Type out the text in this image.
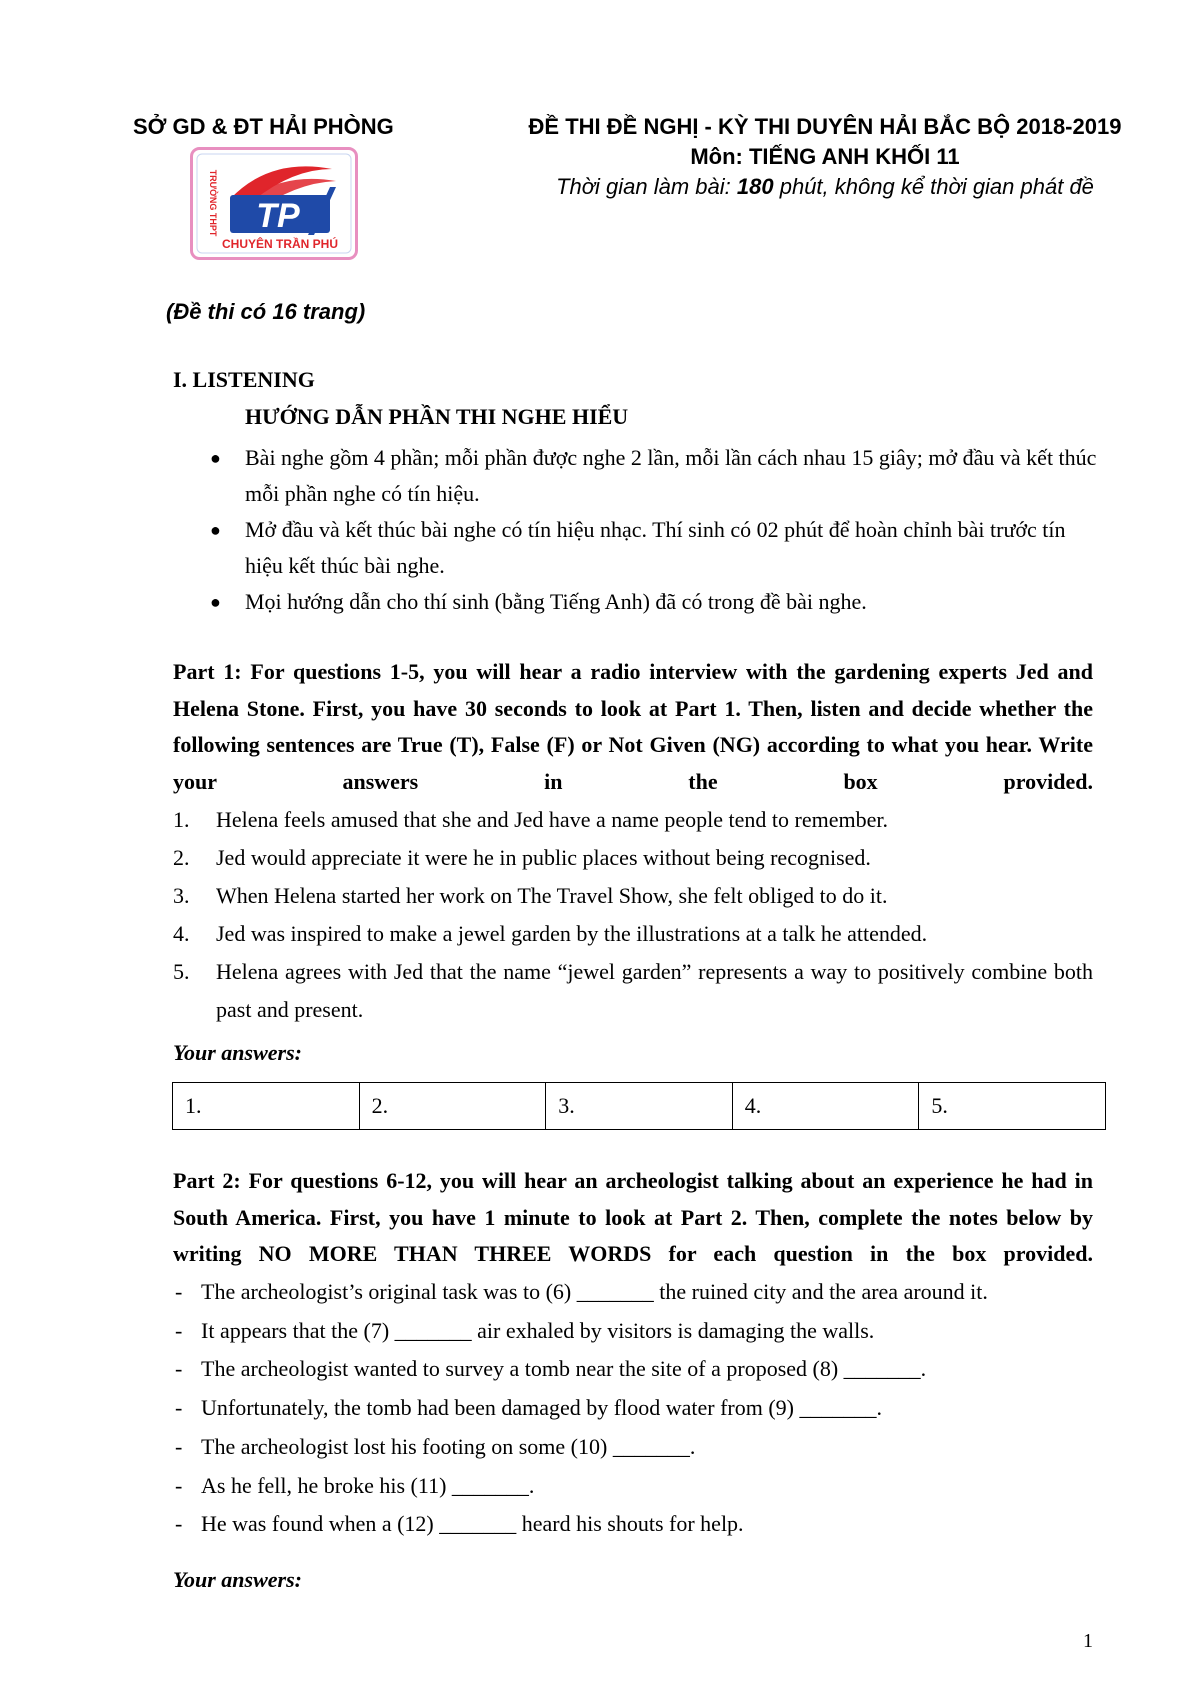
SỞ GD & ĐT HẢI PHÒNG	ĐỀ THI ĐỀ NGHỊ - KỲ THI DUYÊN HẢI BẮC BỘ 2018-2019
Môn: TIẾNG ANH KHỐI 11
Thời gian làm bài: 180 phút, không kể thời gian phát đề
TRƯỜNG THPT TP
CHUYÊN TRẦN PHÚ
(Đề thi có 16 trang)
I. LISTENING
HƯỚNG DẪN PHẦN THI NGHE HIỂU
● Bài nghe gồm 4 phần; mỗi phần được nghe 2 lần, mỗi lần cách nhau 15 giây; mở đầu và kết thúc mỗi phần nghe có tín hiệu.
● Mở đầu và kết thúc bài nghe có tín hiệu nhạc. Thí sinh có 02 phút để hoàn chỉnh bài trước tín hiệu kết thúc bài nghe.
● Mọi hướng dẫn cho thí sinh (bằng Tiếng Anh) đã có trong đề bài nghe.
Part 1: For questions 1-5, you will hear a radio interview with the gardening experts Jed and Helena Stone. First, you have 30 seconds to look at Part 1. Then, listen and decide whether the following sentences are True (T), False (F) or Not Given (NG) according to what you hear. Write your answers in the box provided.
1. Helena feels amused that she and Jed have a name people tend to remember.
2. Jed would appreciate it were he in public places without being recognised.
3. When Helena started her work on The Travel Show, she felt obliged to do it.
4. Jed was inspired to make a jewel garden by the illustrations at a talk he attended.
5. Helena agrees with Jed that the name “jewel garden” represents a way to positively combine both past and present.
Your answers:
1.	2.	3.	4.	5.
Part 2: For questions 6-12, you will hear an archeologist talking about an experience he had in South America. First, you have 1 minute to look at Part 2. Then, complete the notes below by writing NO MORE THAN THREE WORDS for each question in the box provided.
- The archeologist’s original task was to (6) _______ the ruined city and the area around it.
- It appears that the (7) _______ air exhaled by visitors is damaging the walls.
- The archeologist wanted to survey a tomb near the site of a proposed (8) _______.
- Unfortunately, the tomb had been damaged by flood water from (9) _______.
- The archeologist lost his footing on some (10) _______.
- As he fell, he broke his (11) _______.
- He was found when a (12) _______ heard his shouts for help.
Your answers:
1
